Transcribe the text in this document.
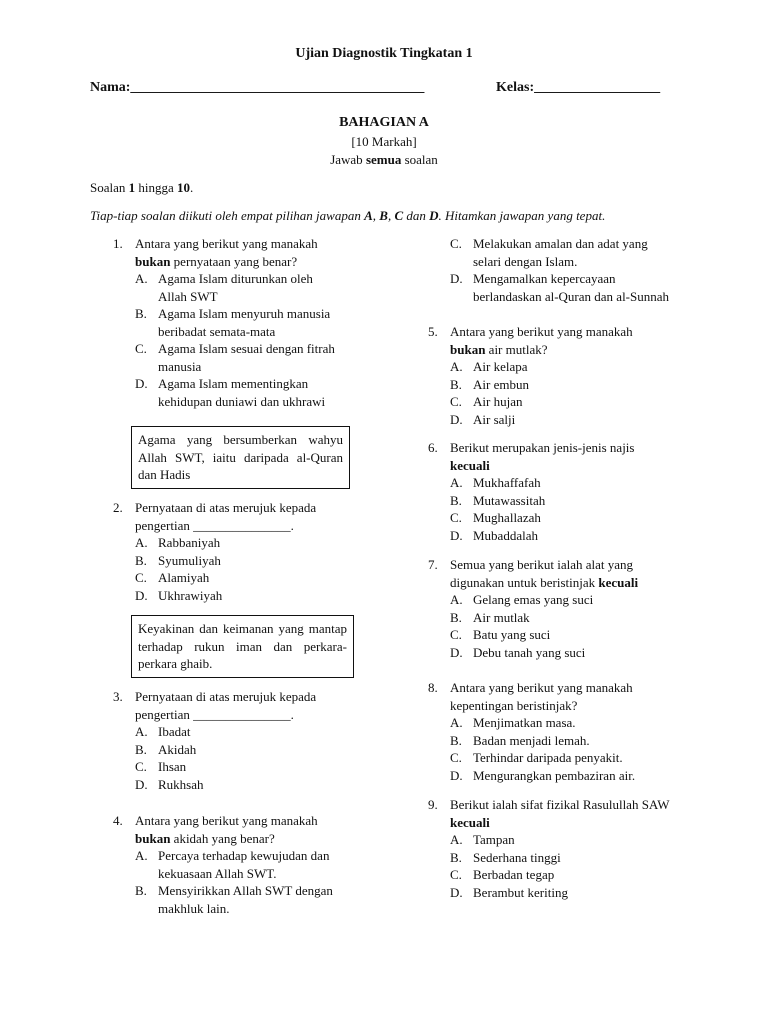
Ujian Diagnostik Tingkatan 1
Nama:__________________________________________	Kelas:__________________
BAHAGIAN A
[10 Markah]
Jawab semua soalan
Soalan 1 hingga 10.
Tiap-tiap soalan diikuti oleh empat pilihan jawapan A, B, C dan D. Hitamkan jawapan yang tepat.
1. Antara yang berikut yang manakah
bukan pernyataan yang benar?
A. Agama Islam diturunkan oleh Allah SWT
B. Agama Islam menyuruh manusia beribadat semata-mata
C. Agama Islam sesuai dengan fitrah manusia
D. Agama Islam mementingkan kehidupan duniawi dan ukhrawi
Agama yang bersumberkan wahyu Allah SWT, iaitu daripada al-Quran dan Hadis
2. Pernyataan di atas merujuk kepada pengertian _______________.
A. Rabbaniyah
B. Syumuliyah
C. Alamiyah
D. Ukhrawiyah
Keyakinan dan keimanan yang mantap terhadap rukun iman dan perkara-perkara ghaib.
3. Pernyataan di atas merujuk kepada pengertian _______________.
A. Ibadat
B. Akidah
C. Ihsan
D. Rukhsah
4. Antara yang berikut yang manakah
bukan akidah yang benar?
A. Percaya terhadap kewujudan dan kekuasaan Allah SWT.
B. Mensyirikkan Allah SWT dengan makhluk lain.
C. Melakukan amalan dan adat yang selari dengan Islam.
D. Mengamalkan kepercayaan berlandaskan al-Quran dan al-Sunnah
5. Antara yang berikut yang manakah
bukan air mutlak?
A. Air kelapa
B. Air embun
C. Air hujan
D. Air salji
6. Berikut merupakan jenis-jenis najis
kecuali
A. Mukhaffafah
B. Mutawassitah
C. Mughallazah
D. Mubaddalah
7. Semua yang berikut ialah alat yang digunakan untuk beristinjak kecuali
A. Gelang emas yang suci
B. Air mutlak
C. Batu yang suci
D. Debu tanah yang suci
8. Antara yang berikut yang manakah kepentingan beristinjak?
A. Menjimatkan masa.
B. Badan menjadi lemah.
C. Terhindar daripada penyakit.
D. Mengurangkan pembaziran air.
9. Berikut ialah sifat fizikal Rasulullah SAW kecuali
A. Tampan
B. Sederhana tinggi
C. Berbadan tegap
D. Berambut keriting
